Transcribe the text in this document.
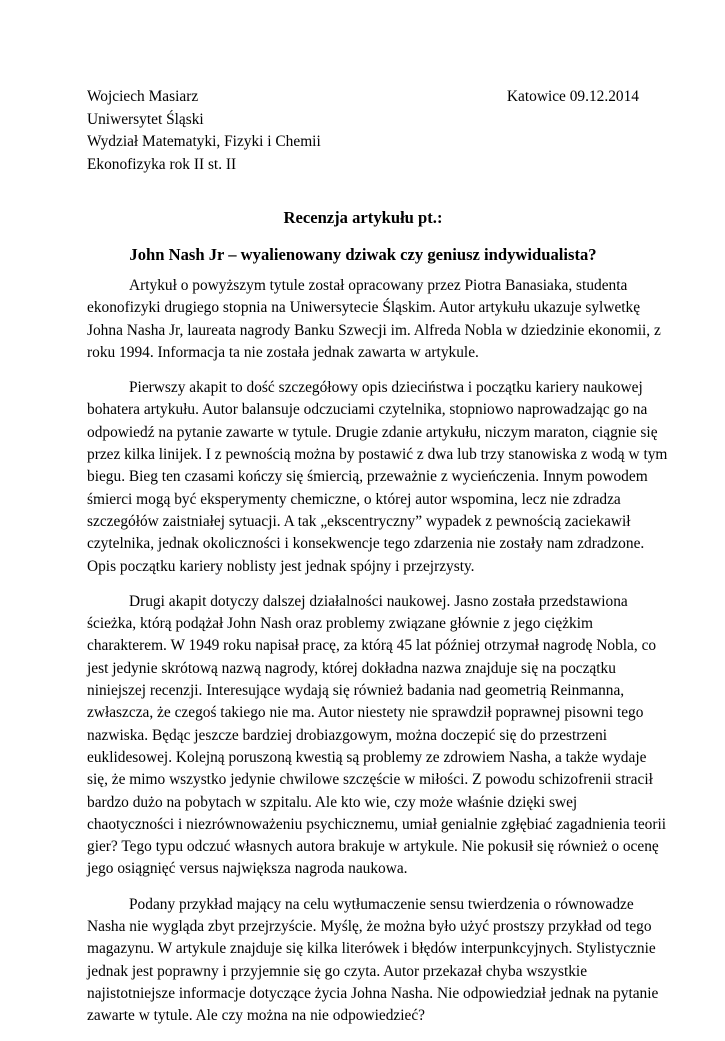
Wojciech Masiarz
Uniwersytet Śląski
Wydział Matematyki, Fizyki i Chemii
Ekonofizyka rok II st. II
Katowice 09.12.2014
Recenzja artykułu pt.:
John Nash Jr – wyalienowany dziwak czy geniusz indywidualista?
Artykuł o powyższym tytule został opracowany przez Piotra Banasiaka, studenta
ekonofizyki drugiego stopnia na Uniwersytecie Śląskim. Autor artykułu ukazuje sylwetkę
Johna Nasha Jr, laureata nagrody Banku Szwecji im. Alfreda Nobla w dziedzinie ekonomii, z
roku 1994. Informacja ta nie została jednak zawarta w artykule.
Pierwszy akapit to dość szczegółowy opis dzieciństwa i początku kariery naukowej
bohatera artykułu. Autor balansuje odczuciami czytelnika, stopniowo naprowadzając go na
odpowiedź na pytanie zawarte w tytule. Drugie zdanie artykułu, niczym maraton, ciągnie się
przez kilka linijek. I z pewnością można by postawić z dwa lub trzy stanowiska z wodą w tym
biegu. Bieg ten czasami kończy się śmiercią, przeważnie z wycieńczenia. Innym powodem
śmierci mogą być eksperymenty chemiczne, o której autor wspomina, lecz nie zdradza
szczegółów zaistniałej sytuacji. A tak „ekscentryczny” wypadek z pewnością zaciekawił
czytelnika, jednak okoliczności i konsekwencje tego zdarzenia nie zostały nam zdradzone.
Opis początku kariery noblisty jest jednak spójny i przejrzysty.
Drugi akapit dotyczy dalszej działalności naukowej. Jasno została przedstawiona
ścieżka, którą podążał John Nash oraz problemy związane głównie z jego ciężkim
charakterem. W 1949 roku napisał pracę, za którą 45 lat później otrzymał nagrodę Nobla, co
jest jedynie skrótową nazwą nagrody, której dokładna nazwa znajduje się na początku
niniejszej recenzji. Interesujące wydają się również badania nad geometrią Reinmanna,
zwłaszcza, że czegoś takiego nie ma. Autor niestety nie sprawdził poprawnej pisowni tego
nazwiska. Będąc jeszcze bardziej drobiazgowym, można doczepić się do przestrzeni
euklidesowej. Kolejną poruszoną kwestią są problemy ze zdrowiem Nasha, a także wydaje
się, że mimo wszystko jedynie chwilowe szczęście w miłości. Z powodu schizofrenii stracił
bardzo dużo na pobytach w szpitalu. Ale kto wie, czy może właśnie dzięki swej
chaotyczności i niezrównoważeniu psychicznemu, umiał genialnie zgłębiać zagadnienia teorii
gier? Tego typu odczuć własnych autora brakuje w artykule. Nie pokusił się również o ocenę
jego osiągnięć versus największa nagroda naukowa.
Podany przykład mający na celu wytłumaczenie sensu twierdzenia o równowadze
Nasha nie wygląda zbyt przejrzyście. Myślę, że można było użyć prostszy przykład od tego
magazynu. W artykule znajduje się kilka literówek i błędów interpunkcyjnych. Stylistycznie
jednak jest poprawny i przyjemnie się go czyta. Autor przekazał chyba wszystkie
najistotniejsze informacje dotyczące życia Johna Nasha. Nie odpowiedział jednak na pytanie
zawarte w tytule. Ale czy można na nie odpowiedzieć?
